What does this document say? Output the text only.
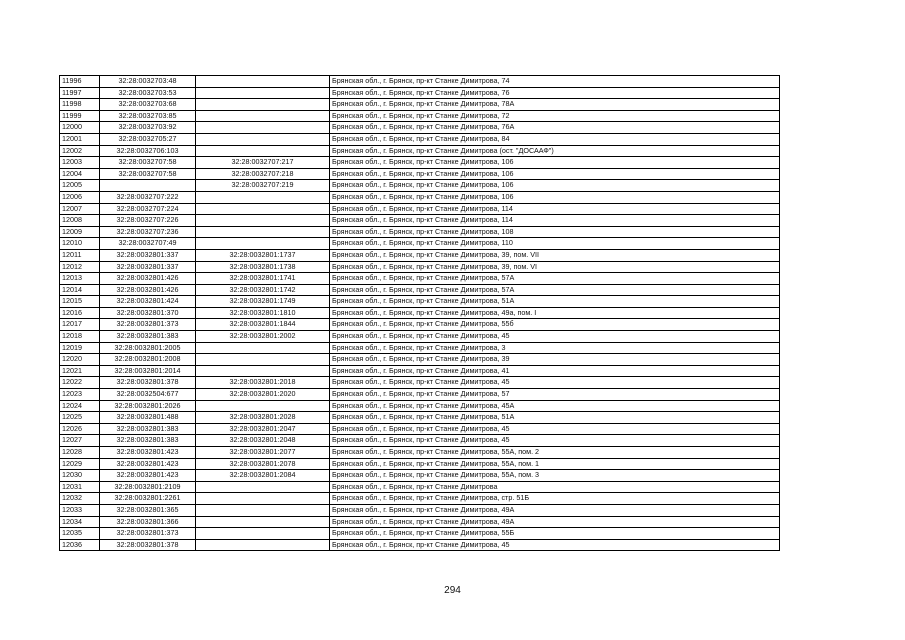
11996	32:28:0032703:48		Брянская обл., г. Брянск, пр-кт Станке Димитрова, 74
11997	32:28:0032703:53		Брянская обл., г. Брянск, пр-кт Станке Димитрова, 76
11998	32:28:0032703:68		Брянская обл., г. Брянск, пр-кт Станке Димитрова, 78А
11999	32:28:0032703:85		Брянская обл., г. Брянск, пр-кт Станке Димитрова, 72
12000	32:28:0032703:92		Брянская обл., г. Брянск, пр-кт Станке Димитрова, 76А
12001	32:28:0032705:27		Брянская обл., г. Брянск, пр-кт Станке Димитрова, 84
12002	32:28:0032706:103		Брянская обл., г. Брянск, пр-кт Станке Димитрова (ост. "ДОСААФ")
12003	32:28:0032707:58	32:28:0032707:217	Брянская обл., г. Брянск, пр-кт Станке Димитрова, 106
12004	32:28:0032707:58	32:28:0032707:218	Брянская обл., г. Брянск, пр-кт Станке Димитрова, 106
12005		32:28:0032707:219	Брянская обл., г. Брянск, пр-кт Станке Димитрова, 106
12006	32:28:0032707:222		Брянская обл., г. Брянск, пр-кт Станке Димитрова, 106
12007	32:28:0032707:224		Брянская обл., г. Брянск, пр-кт Станке Димитрова, 114
12008	32:28:0032707:226		Брянская обл., г. Брянск, пр-кт Станке Димитрова, 114
12009	32:28:0032707:236		Брянская обл., г. Брянск, пр-кт Станке Димитрова, 108
12010	32:28:0032707:49		Брянская обл., г. Брянск, пр-кт Станке Димитрова, 110
12011	32:28:0032801:337	32:28:0032801:1737	Брянская обл., г. Брянск, пр-кт Станке Димитрова, 39, пом. VII
12012	32:28:0032801:337	32:28:0032801:1738	Брянская обл., г. Брянск, пр-кт Станке Димитрова, 39, пом. VI
12013	32:28:0032801:426	32:28:0032801:1741	Брянская обл., г. Брянск, пр-кт Станке Димитрова, 57А
12014	32:28:0032801:426	32:28:0032801:1742	Брянская обл., г. Брянск, пр-кт Станке Димитрова, 57А
12015	32:28:0032801:424	32:28:0032801:1749	Брянская обл., г. Брянск, пр-кт Станке Димитрова, 51А
12016	32:28:0032801:370	32:28:0032801:1810	Брянская обл., г. Брянск, пр-кт Станке Димитрова, 49а, пом. I
12017	32:28:0032801:373	32:28:0032801:1844	Брянская обл., г. Брянск, пр-кт Станке Димитрова, 55б
12018	32:28:0032801:383	32:28:0032801:2002	Брянская обл., г. Брянск, пр-кт Станке Димитрова, 45
12019	32:28:0032801:2005		Брянская обл., г. Брянск, пр-кт Станке Димитрова, 3
12020	32:28:0032801:2008		Брянская обл., г. Брянск, пр-кт Станке Димитрова, 39
12021	32:28:0032801:2014		Брянская обл., г. Брянск, пр-кт Станке Димитрова, 41
12022	32:28:0032801:378	32:28:0032801:2018	Брянская обл., г. Брянск, пр-кт Станке Димитрова, 45
12023	32:28:0032504:677	32:28:0032801:2020	Брянская обл., г. Брянск, пр-кт Станке Димитрова, 57
12024	32:28:0032801:2026		Брянская обл., г. Брянск, пр-кт Станке Димитрова, 45А
12025	32:28:0032801:488	32:28:0032801:2028	Брянская обл., г. Брянск, пр-кт Станке Димитрова, 51А
12026	32:28:0032801:383	32:28:0032801:2047	Брянская обл., г. Брянск, пр-кт Станке Димитрова, 45
12027	32:28:0032801:383	32:28:0032801:2048	Брянская обл., г. Брянск, пр-кт Станке Димитрова, 45
12028	32:28:0032801:423	32:28:0032801:2077	Брянская обл., г. Брянск, пр-кт Станке Димитрова, 55А, пом. 2
12029	32:28:0032801:423	32:28:0032801:2078	Брянская обл., г. Брянск, пр-кт Станке Димитрова, 55А, пом. 1
12030	32:28:0032801:423	32:28:0032801:2084	Брянская обл., г. Брянск, пр-кт Станке Димитрова, 55А, пом. 3
12031	32:28:0032801:2109		Брянская обл., г. Брянск, пр-кт Станке Димитрова
12032	32:28:0032801:2261		Брянская обл., г. Брянск, пр-кт Станке Димитрова, стр. 51Б
12033	32:28:0032801:365		Брянская обл., г. Брянск, пр-кт Станке Димитрова, 49А
12034	32:28:0032801:366		Брянская обл., г. Брянск, пр-кт Станке Димитрова, 49А
12035	32:28:0032801:373		Брянская обл., г. Брянск, пр-кт Станке Димитрова, 55Б
12036	32:28:0032801:378		Брянская обл., г. Брянск, пр-кт Станке Димитрова, 45
294
